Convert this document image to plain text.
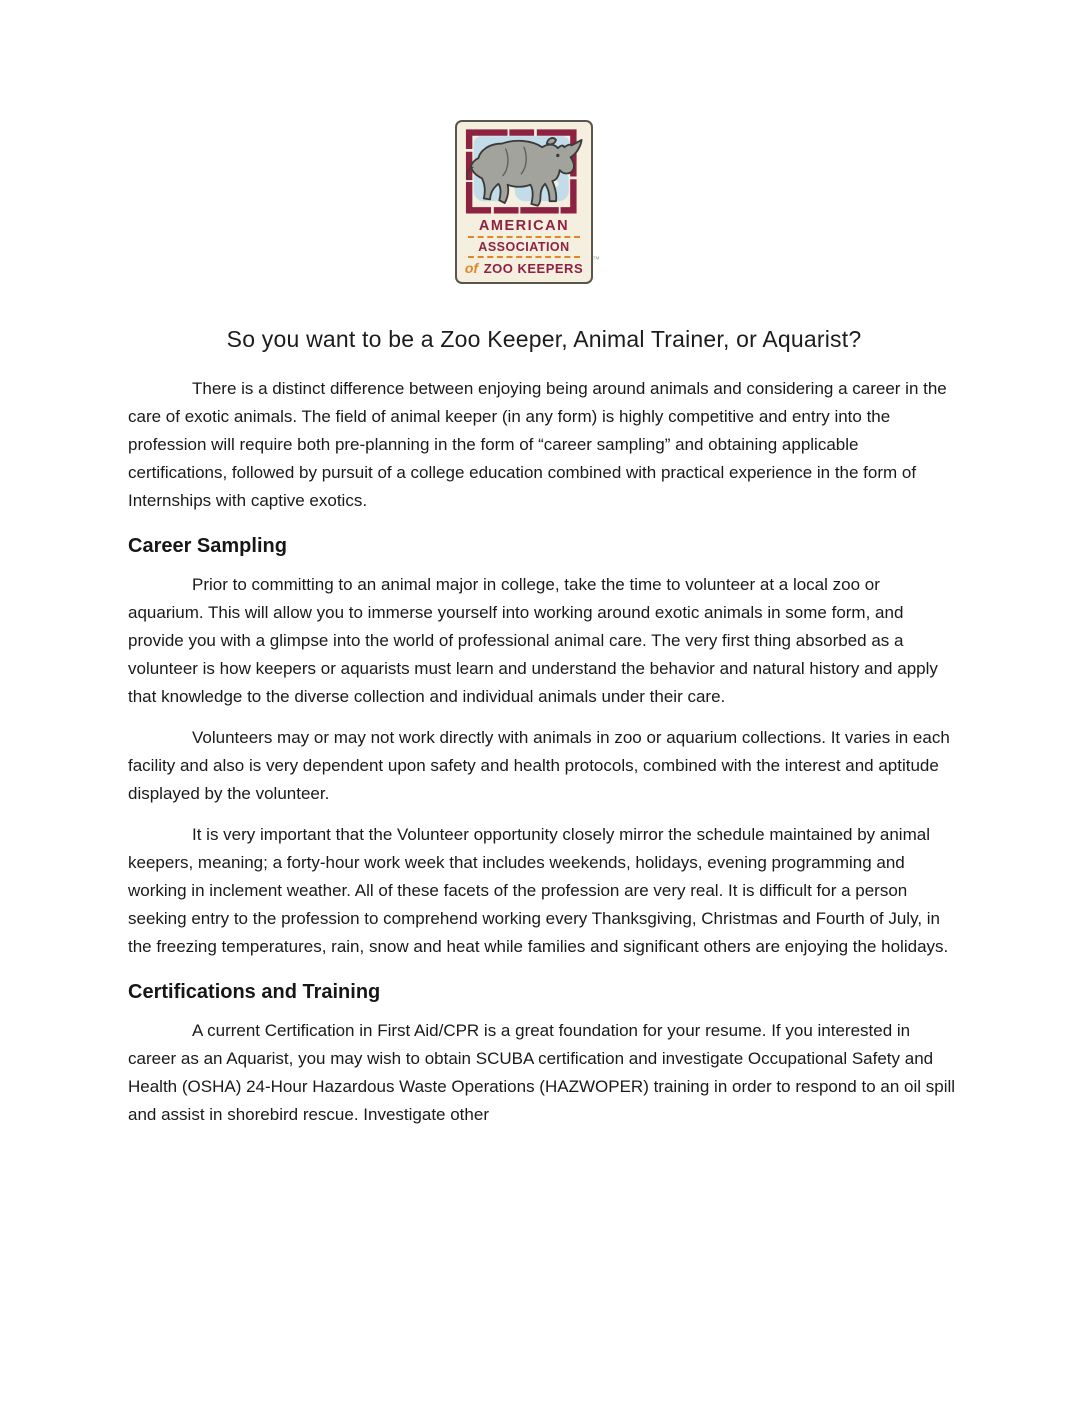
AMERICAN
ASSOCIATION
of ZOO KEEPERS
™
So you want to be a Zoo Keeper, Animal Trainer, or Aquarist?

There is a distinct difference between enjoying being around animals and considering a career in the care of exotic animals. The field of animal keeper (in any form) is highly competitive and entry into the profession will require both pre-planning in the form of “career sampling” and obtaining applicable certifications, followed by pursuit of a college education combined with practical experience in the form of Internships with captive exotics.

Career Sampling

Prior to committing to an animal major in college, take the time to volunteer at a local zoo or aquarium. This will allow you to immerse yourself into working around exotic animals in some form, and provide you with a glimpse into the world of professional animal care. The very first thing absorbed as a volunteer is how keepers or aquarists must learn and understand the behavior and natural history and apply that knowledge to the diverse collection and individual animals under their care.

Volunteers may or may not work directly with animals in zoo or aquarium collections. It varies in each facility and also is very dependent upon safety and health protocols, combined with the interest and aptitude displayed by the volunteer.

It is very important that the Volunteer opportunity closely mirror the schedule maintained by animal keepers, meaning; a forty-hour work week that includes weekends, holidays, evening programming and working in inclement weather. All of these facets of the profession are very real. It is difficult for a person seeking entry to the profession to comprehend working every Thanksgiving, Christmas and Fourth of July, in the freezing temperatures, rain, snow and heat while families and significant others are enjoying the holidays.

Certifications and Training

A current Certification in First Aid/CPR is a great foundation for your resume. If you interested in career as an Aquarist, you may wish to obtain SCUBA certification and investigate Occupational Safety and Health (OSHA) 24-Hour Hazardous Waste Operations (HAZWOPER) training in order to respond to an oil spill and assist in shorebird rescue. Investigate other
